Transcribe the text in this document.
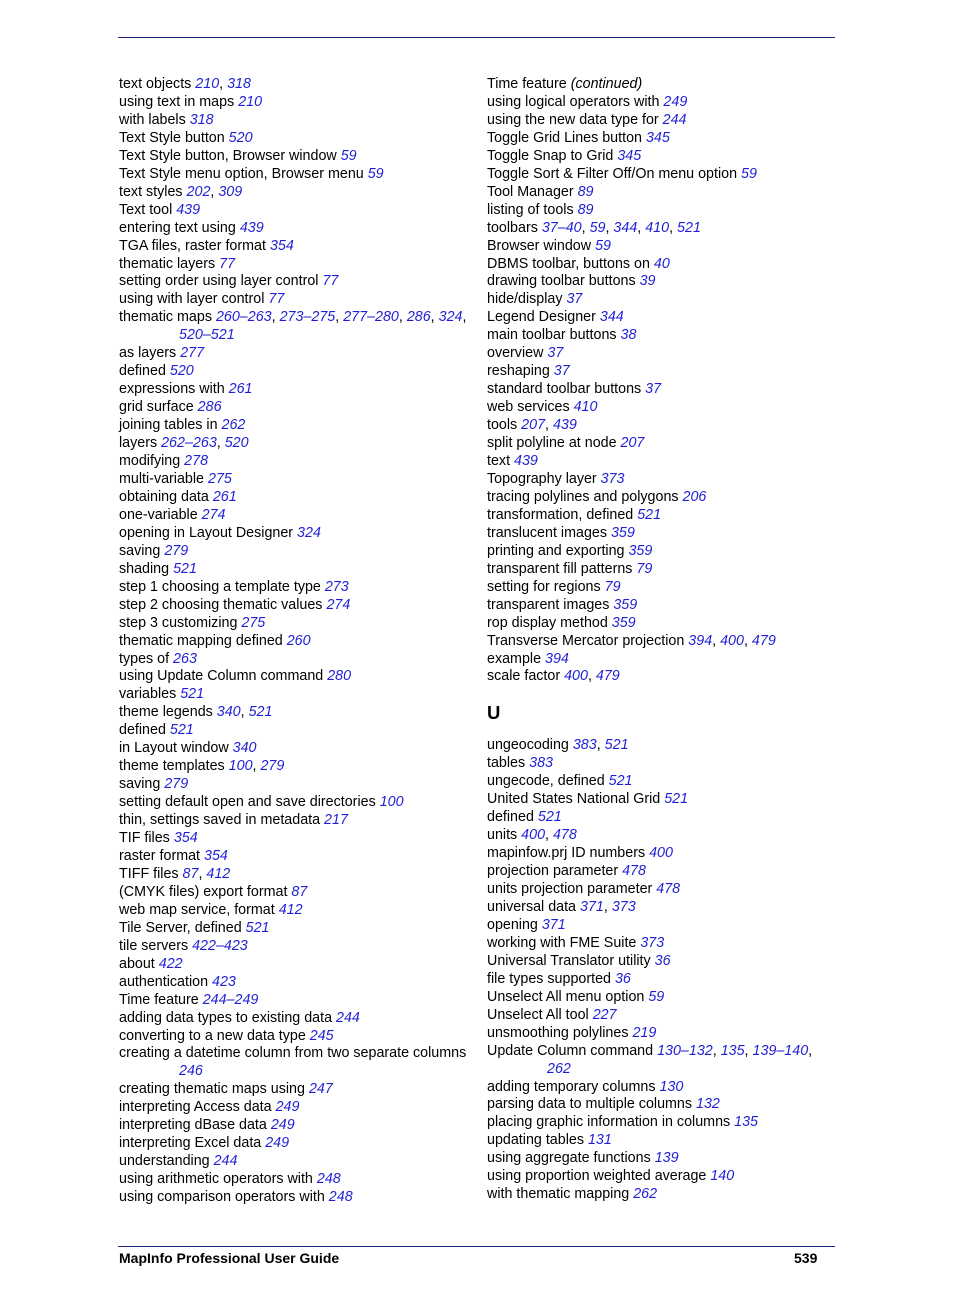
text objects 210, 318
using text in maps 210
with labels 318
Text Style button 520
Text Style button, Browser window 59
Text Style menu option, Browser menu 59
text styles 202, 309
Text tool 439
entering text using 439
TGA files, raster format 354
thematic layers 77
setting order using layer control 77
using with layer control 77
thematic maps 260–263, 273–275, 277–280, 286, 324, 520–521
as layers 277
defined 520
expressions with 261
grid surface 286
joining tables in 262
layers 262–263, 520
modifying 278
multi-variable 275
obtaining data 261
one-variable 274
opening in Layout Designer 324
saving 279
shading 521
step 1 choosing a template type 273
step 2 choosing thematic values 274
step 3 customizing 275
thematic mapping defined 260
types of 263
using Update Column command 280
variables 521
theme legends 340, 521
defined 521
in Layout window 340
theme templates 100, 279
saving 279
setting default open and save directories 100
thin, settings saved in metadata 217
TIF files 354
raster format 354
TIFF files 87, 412
(CMYK files) export format 87
web map service, format 412
Tile Server, defined 521
tile servers 422–423
about 422
authentication 423
Time feature 244–249
adding data types to existing data 244
converting to a new data type 245
creating a datetime column from two separate columns 246
creating thematic maps using 247
interpreting Access data 249
interpreting dBase data 249
interpreting Excel data 249
understanding 244
using arithmetic operators with 248
using comparison operators with 248
Time feature (continued)
using logical operators with 249
using the new data type for 244
Toggle Grid Lines button 345
Toggle Snap to Grid 345
Toggle Sort & Filter Off/On menu option 59
Tool Manager 89
listing of tools 89
toolbars 37–40, 59, 344, 410, 521
Browser window 59
DBMS toolbar, buttons on 40
drawing toolbar buttons 39
hide/display 37
Legend Designer 344
main toolbar buttons 38
overview 37
reshaping 37
standard toolbar buttons 37
web services 410
tools 207, 439
split polyline at node 207
text 439
Topography layer 373
tracing polylines and polygons 206
transformation, defined 521
translucent images 359
printing and exporting 359
transparent fill patterns 79
setting for regions 79
transparent images 359
rop display method 359
Transverse Mercator projection 394, 400, 479
example 394
scale factor 400, 479
U
ungeocoding 383, 521
tables 383
ungecode, defined 521
United States National Grid 521
defined 521
units 400, 478
mapinfow.prj ID numbers 400
projection parameter 478
units projection parameter 478
universal data 371, 373
opening 371
working with FME Suite 373
Universal Translator utility 36
file types supported 36
Unselect All menu option 59
Unselect All tool 227
unsmoothing polylines 219
Update Column command 130–132, 135, 139–140, 262
adding temporary columns 130
parsing data to multiple columns 132
placing graphic information in columns 135
updating tables 131
using aggregate functions 139
using proportion weighted average 140
with thematic mapping 262
MapInfo Professional User Guide	539
